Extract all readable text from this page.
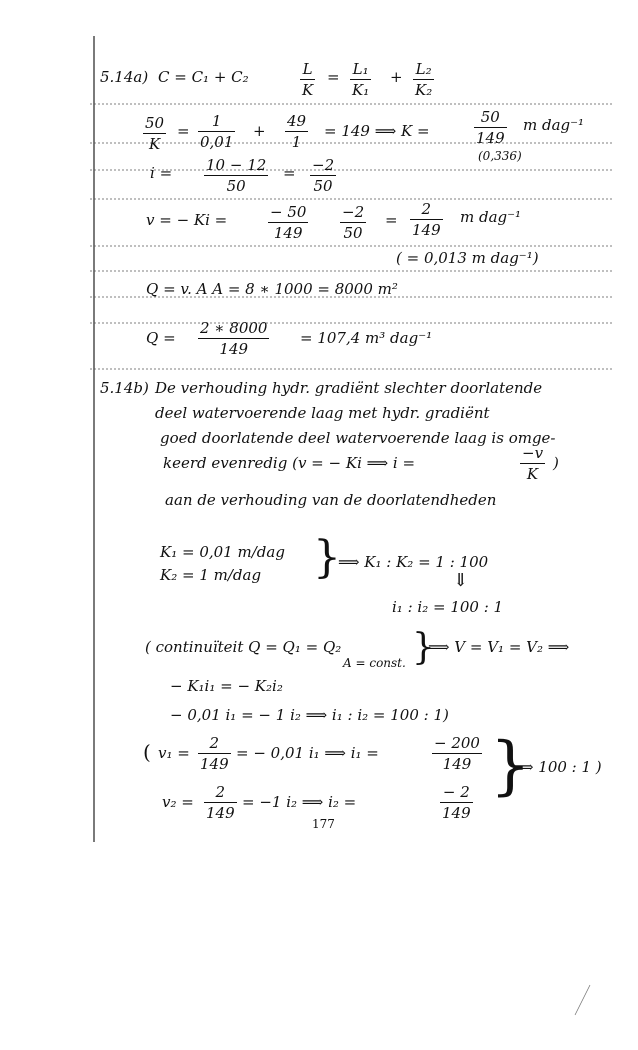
5.14a) C = C₁ + C₂	L
K
= L₁
K₁
+ L₂
K₂
50
K
=
1
0,01
+
49
1
= 149 ⟹ K =
50
149
m dag⁻¹
(0,336)
i = 10 − 12
50
= −2
50
v = − Ki =	− 50
149
−2
50
=
2
149
m dag⁻¹
( = 0,013 m dag⁻¹)
Q = v. A A = 8 ∗ 1000 = 8000 m²
Q =
2 ∗ 8000
149
= 107,4 m³ dag⁻¹
5.14b) De verhouding hydr. gradiënt slechter doorlatende
deel watervoerende laag met hydr. gradiënt
goed doorlatende deel watervoerende laag is omge-
keerd evenredig (v = − Ki ⟹ i =
−v
K
)
aan de verhouding van de doorlatendheden
K₁ = 0,01 m/dag
K₂ = 1 m/dag }
⟹ K₁ : K₂ = 1 : 100
⇓
i₁ : i₂ = 100 : 1
( continuïteit Q = Q₁ = Q₂
A = const. }
⟹ V = V₁ = V₂ ⟹
− K₁i₁ = − K₂i₂
− 0,01 i₁ = − 1 i₂ ⟹ i₁ : i₂ = 100 : 1)
( v₁ =
2
149
= − 0,01 i₁ ⟹ i₁ =
− 200
149
v₂ =
2
149
= −1 i₂ ⟹ i₂ =
− 2
149
}
⟹ 100 : 1 )
177
